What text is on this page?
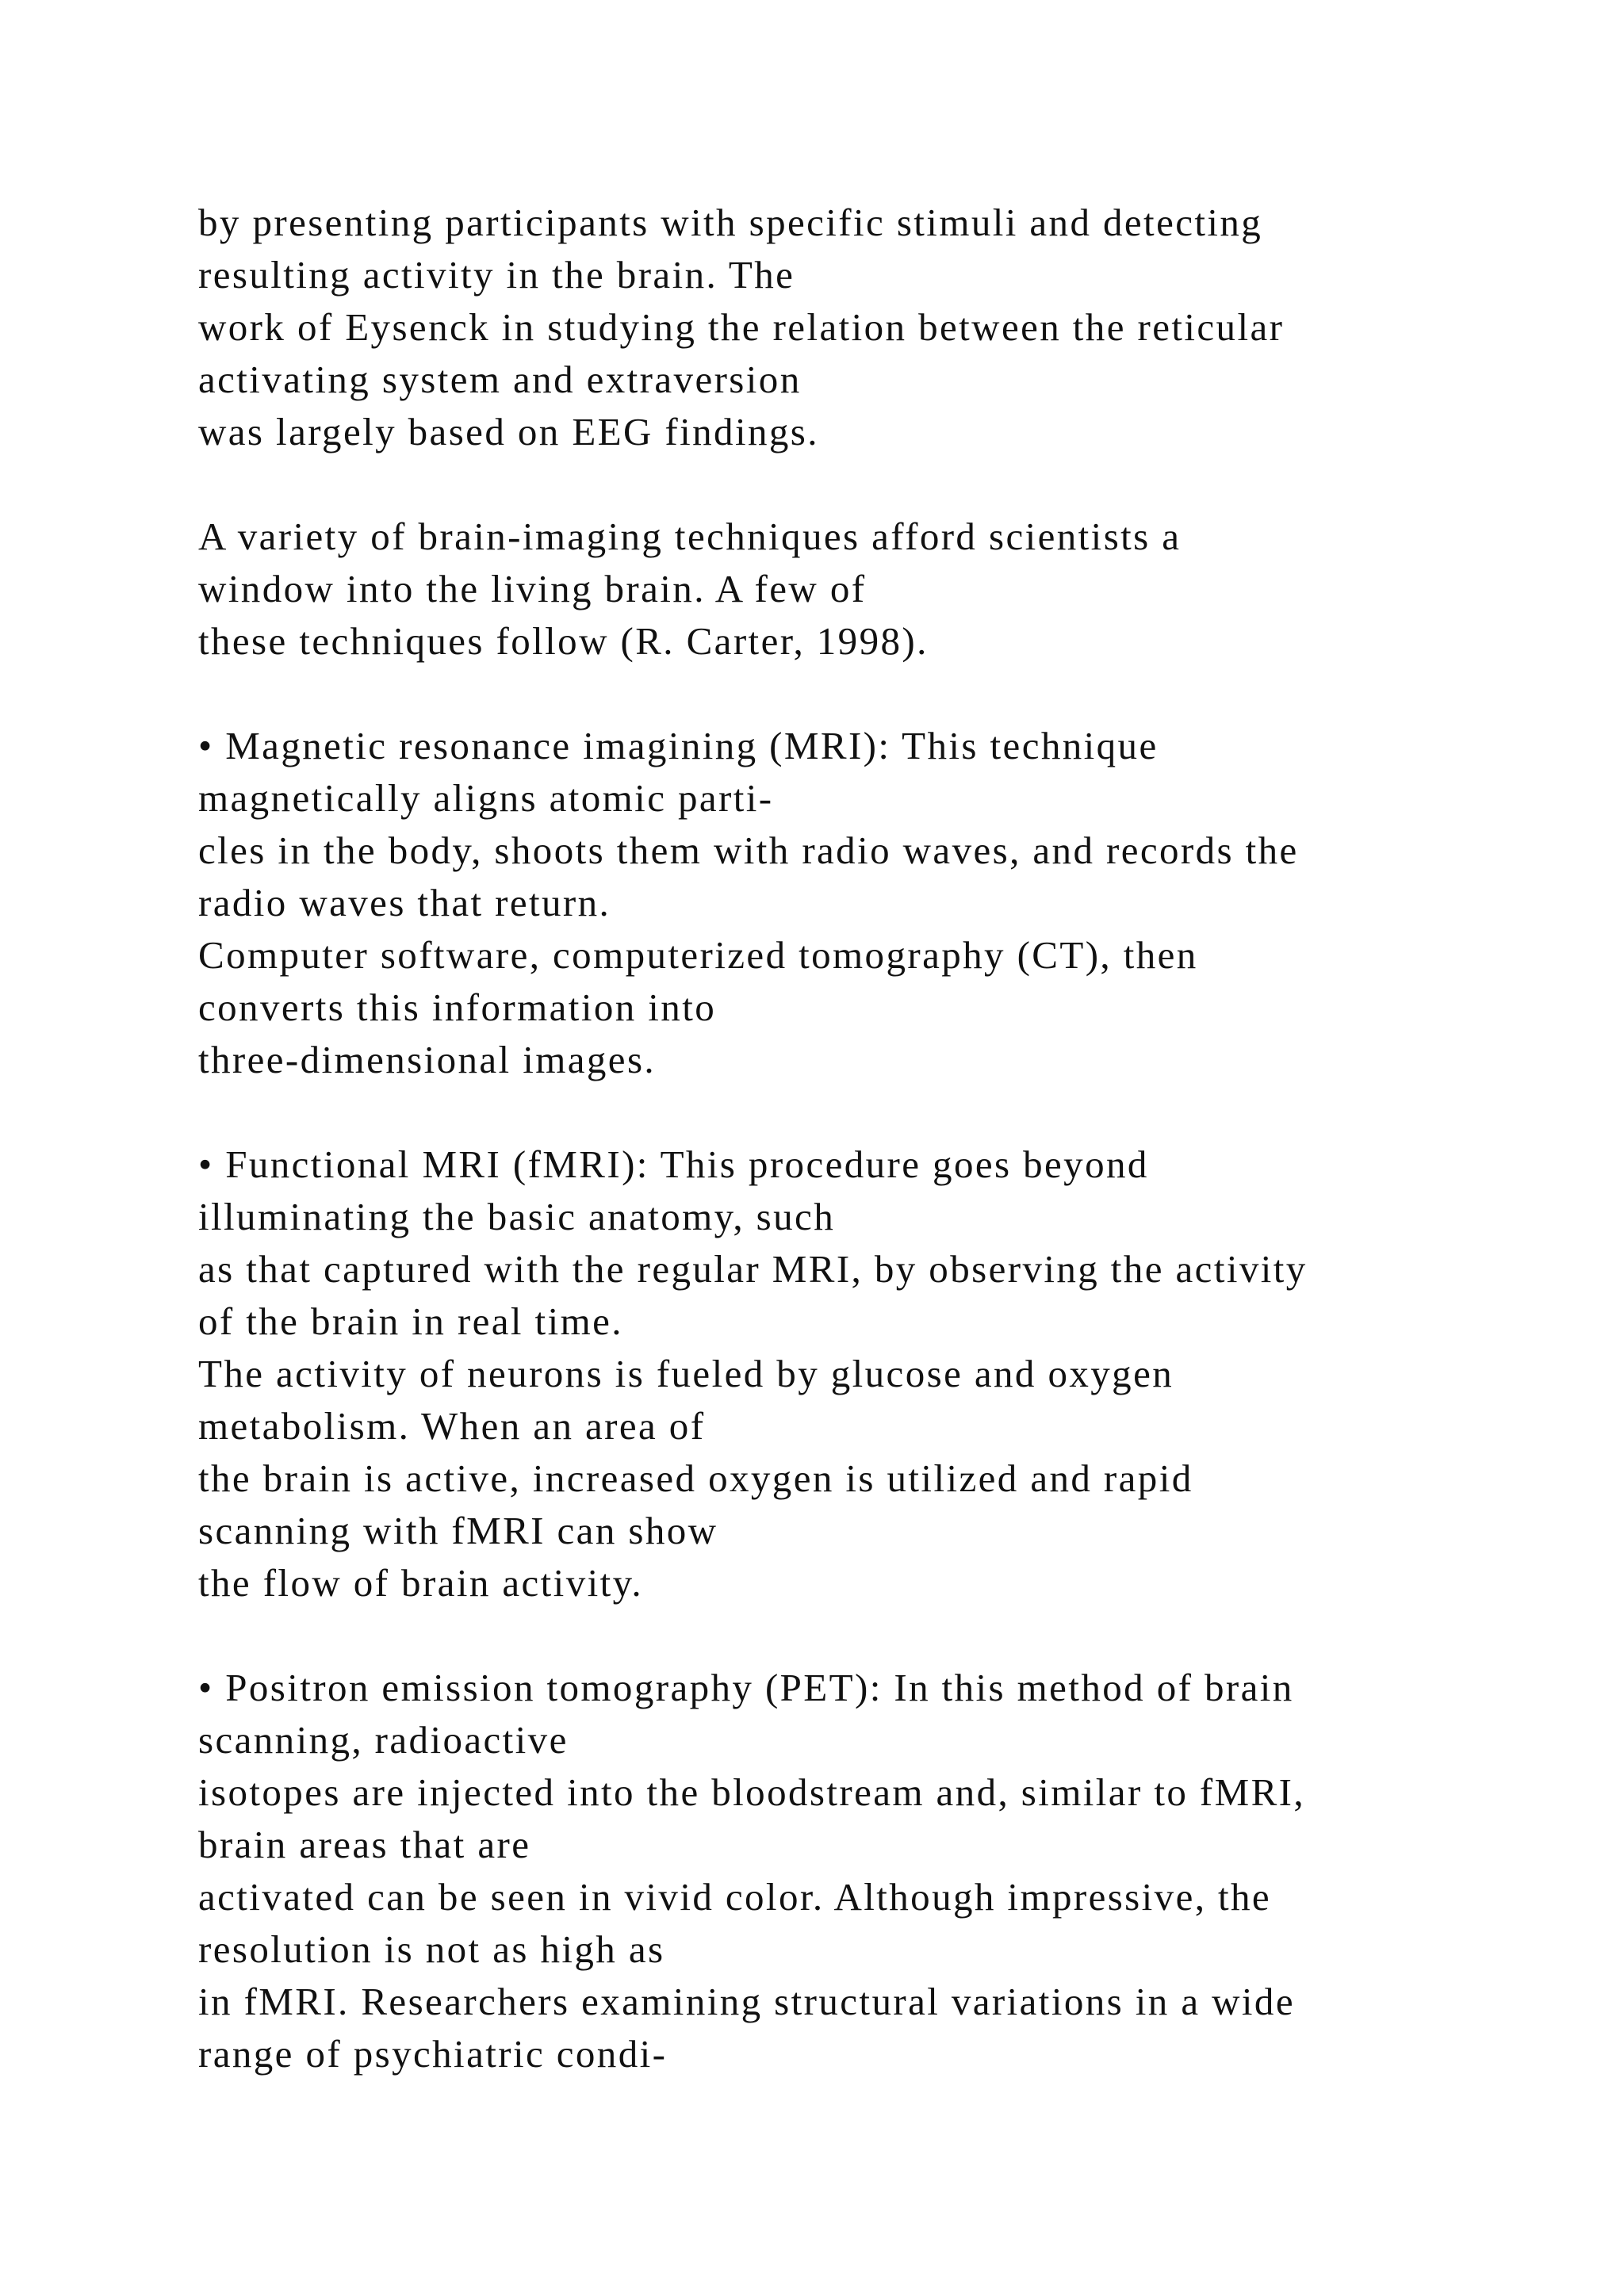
by presenting participants with specific stimuli and detecting
resulting activity in the brain. The
work of Eysenck in studying the relation between the reticular
activating system and extraversion
was largely based on EEG findings.
A variety of brain-imaging techniques afford scientists a
window into the living brain. A few of
these techniques follow (R. Carter, 1998).
• Magnetic resonance imagining (MRI): This technique
magnetically aligns atomic parti-
cles in the body, shoots them with radio waves, and records the
radio waves that return.
Computer software, computerized tomography (CT), then
converts this information into
three-dimensional images.
• Functional MRI (fMRI): This procedure goes beyond
illuminating the basic anatomy, such
as that captured with the regular MRI, by observing the activity
of the brain in real time.
The activity of neurons is fueled by glucose and oxygen
metabolism. When an area of
the brain is active, increased oxygen is utilized and rapid
scanning with fMRI can show
the flow of brain activity.
• Positron emission tomography (PET): In this method of brain
scanning, radioactive
isotopes are injected into the bloodstream and, similar to fMRI,
brain areas that are
activated can be seen in vivid color. Although impressive, the
resolution is not as high as
in fMRI. Researchers examining structural variations in a wide
range of psychiatric condi-
